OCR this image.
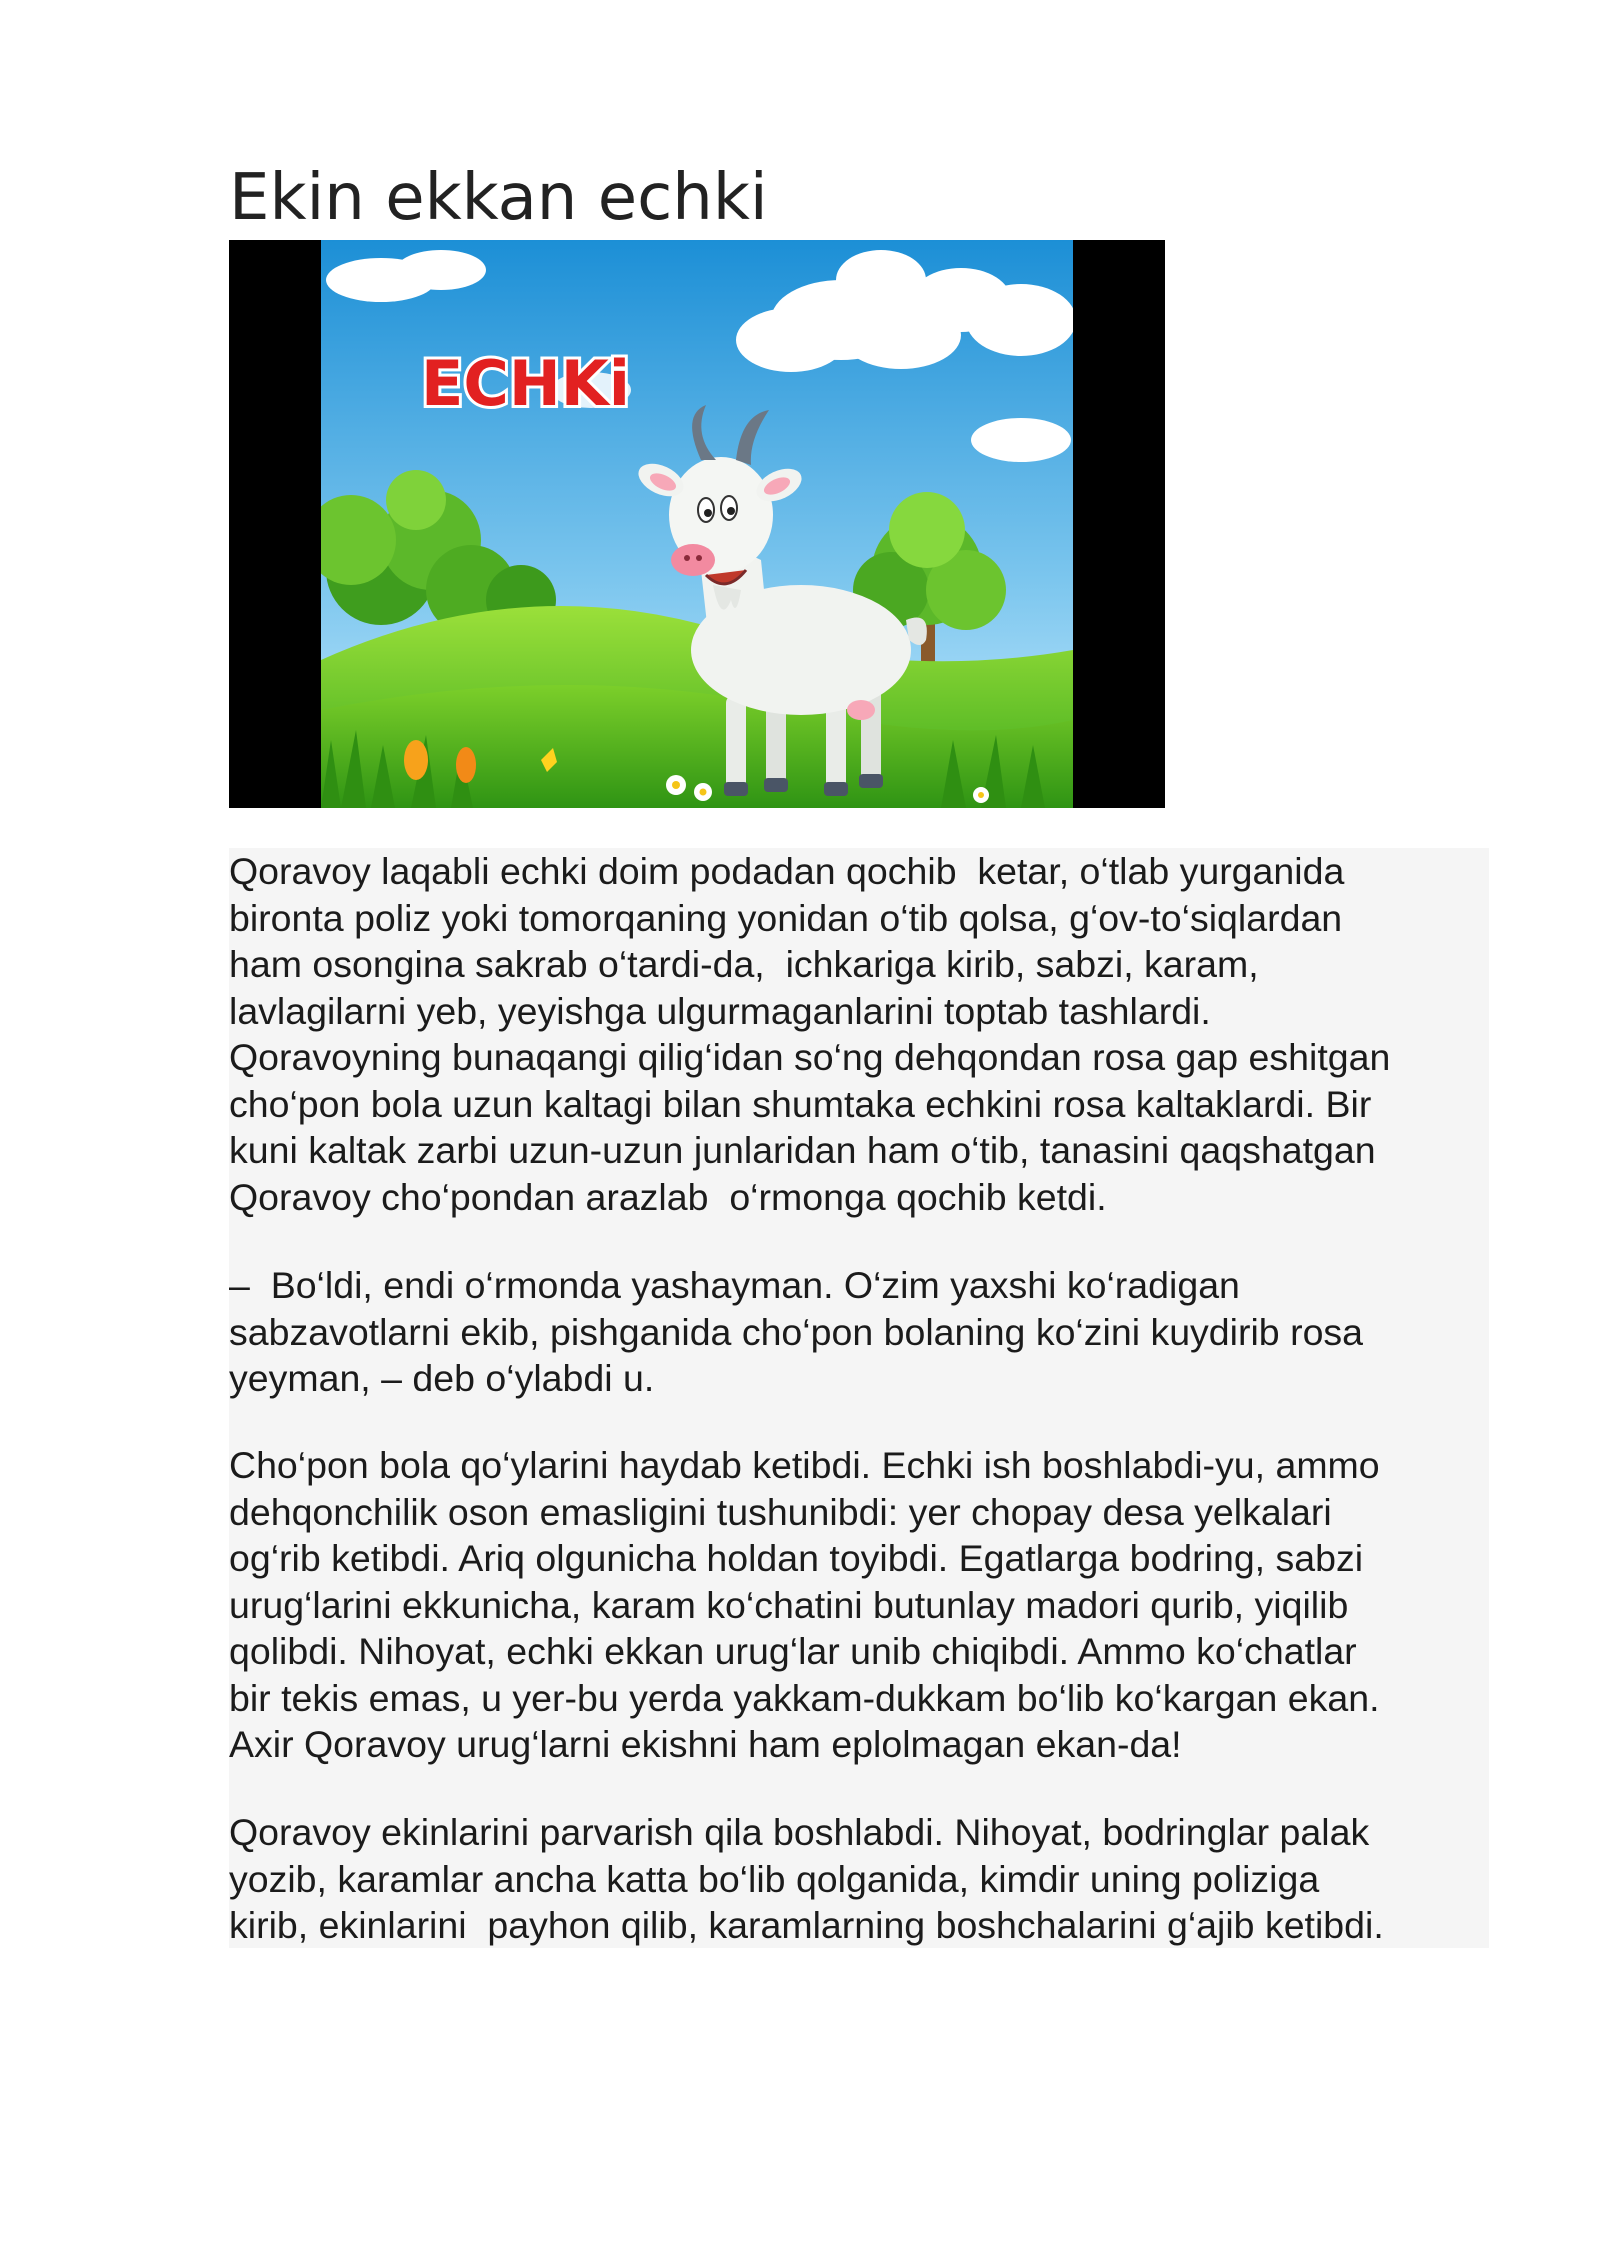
Ekin ekkan echki
ECHKi

Qoravoy laqabli echki doim podadan qochib  ketar, o‘tlab yurganida
bironta poliz yoki tomorqaning yonidan o‘tib qolsa, g‘ov-to‘siqlardan
ham osongina sakrab o‘tardi-da,  ichkariga kirib, sabzi, karam,
lavlagilarni yeb, yeyishga ulgurmaganlarini toptab tashlardi.
Qoravoyning bunaqangi qilig‘idan so‘ng dehqondan rosa gap eshitgan
cho‘pon bola uzun kaltagi bilan shumtaka echkini rosa kaltaklardi. Bir
kuni kaltak zarbi uzun-uzun junlaridan ham o‘tib, tanasini qaqshatgan
Qoravoy cho‘pondan arazlab  o‘rmonga qochib ketdi.

–  Bo‘ldi, endi o‘rmonda yashayman. O‘zim yaxshi ko‘radigan
sabzavotlarni ekib, pishganida cho‘pon bolaning ko‘zini kuydirib rosa
yeyman, – deb o‘ylabdi u.

Cho‘pon bola qo‘ylarini haydab ketibdi. Echki ish boshlabdi-yu, ammo
dehqonchilik oson emasligini tushunibdi: yer chopay desa yelkalari
og‘rib ketibdi. Ariq olgunicha holdan toyibdi. Egatlarga bodring, sabzi
urug‘larini ekkunicha, karam ko‘chatini butunlay madori qurib, yiqilib
qolibdi. Nihoyat, echki ekkan urug‘lar unib chiqibdi. Ammo ko‘chatlar
bir tekis emas, u yer-bu yerda yakkam-dukkam bo‘lib ko‘kargan ekan.
Axir Qoravoy urug‘larni ekishni ham eplolmagan ekan-da!

Qoravoy ekinlarini parvarish qila boshlabdi. Nihoyat, bodringlar palak
yozib, karamlar ancha katta bo‘lib qolganida, kimdir uning poliziga
kirib, ekinlarini  payhon qilib, karamlarning boshchalarini g‘ajib ketibdi.
